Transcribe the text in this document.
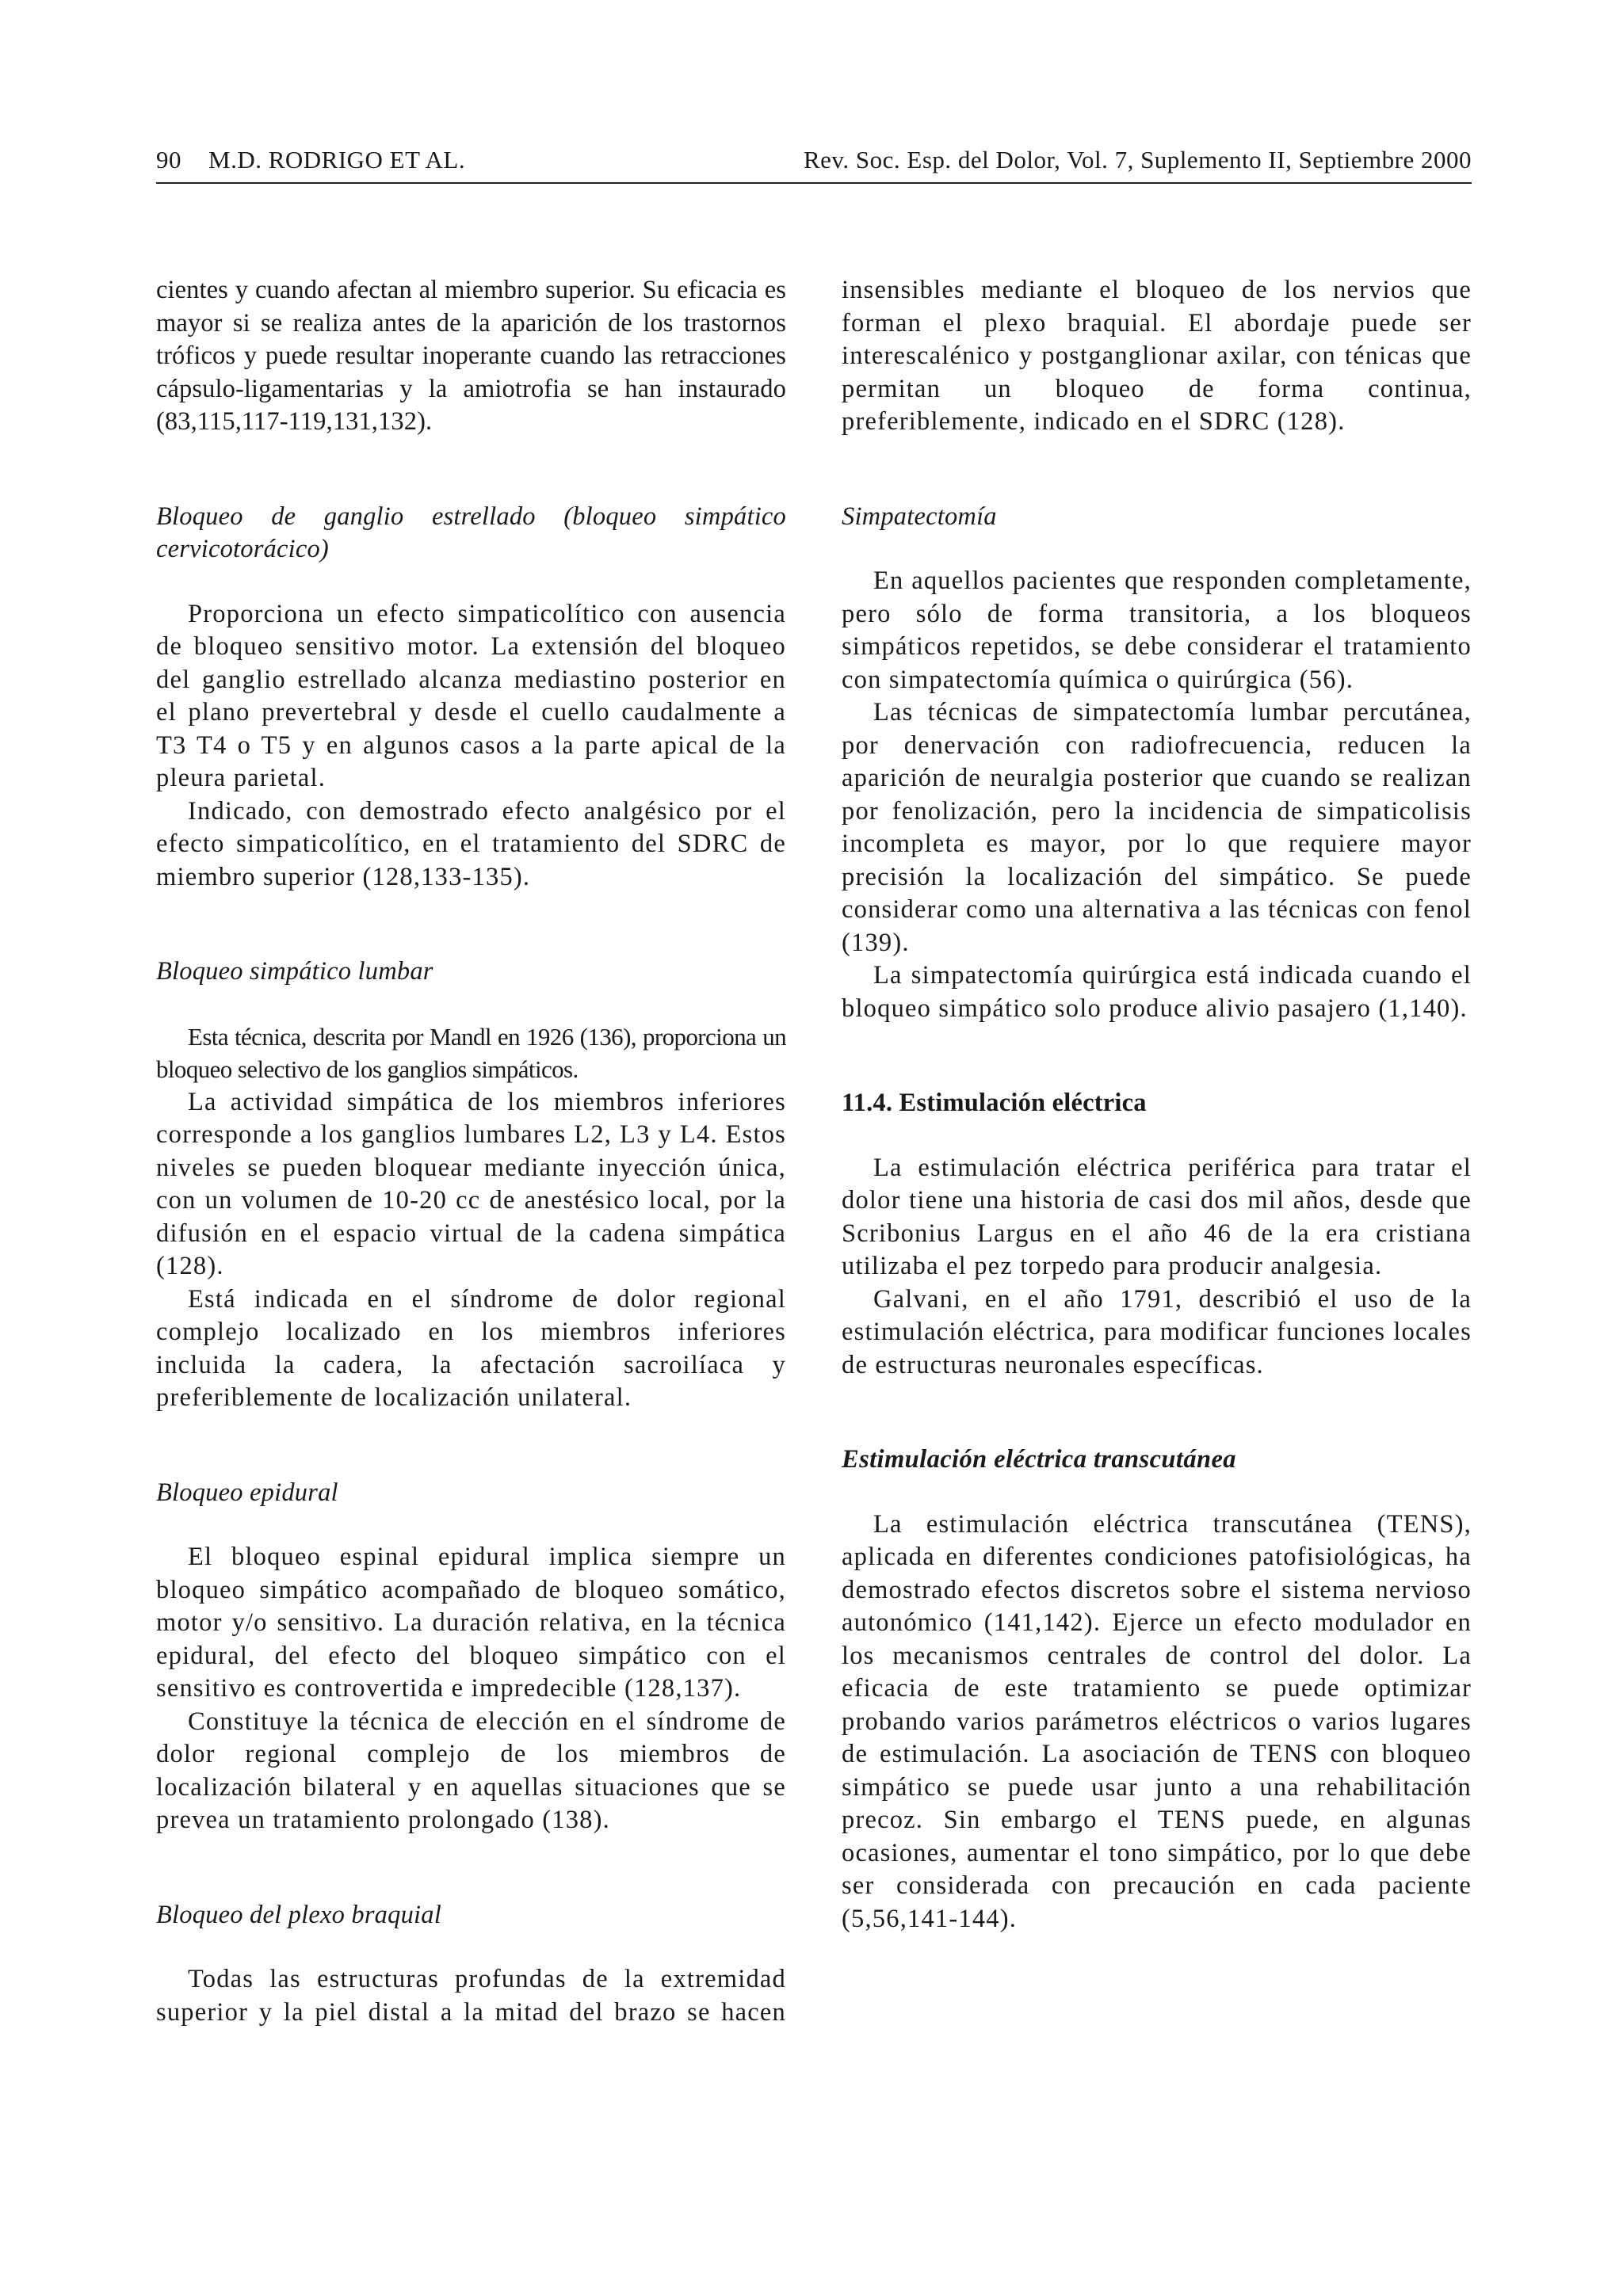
90 M.D. RODRIGO ET AL.	Rev. Soc. Esp. del Dolor, Vol. 7, Suplemento II, Septiembre 2000

cientes y cuando afectan al miembro superior. Su eficacia es mayor si se realiza antes de la aparición de los trastornos tróficos y puede resultar inoperante cuando las retracciones cápsulo-ligamentarias y la amiotrofia se han instaurado (83,115,117-119,131,132).

Bloqueo de ganglio estrellado (bloqueo simpático cervicotorácico)

Proporciona un efecto simpaticolítico con ausencia de bloqueo sensitivo motor. La extensión del bloqueo del ganglio estrellado alcanza mediastino posterior en el plano prevertebral y desde el cuello caudalmente a T3 T4 o T5 y en algunos casos a la parte apical de la pleura parietal.

Indicado, con demostrado efecto analgésico por el efecto simpaticolítico, en el tratamiento del SDRC de miembro superior (128,133-135).

Bloqueo simpático lumbar

Esta técnica, descrita por Mandl en 1926 (136), proporciona un bloqueo selectivo de los ganglios simpáticos.

La actividad simpática de los miembros inferiores corresponde a los ganglios lumbares L2, L3 y L4. Estos niveles se pueden bloquear mediante inyección única, con un volumen de 10-20 cc de anestésico local, por la difusión en el espacio virtual de la cadena simpática (128).

Está indicada en el síndrome de dolor regional complejo localizado en los miembros inferiores incluida la cadera, la afectación sacroilíaca y preferiblemente de localización unilateral.

Bloqueo epidural

El bloqueo espinal epidural implica siempre un bloqueo simpático acompañado de bloqueo somático, motor y/o sensitivo. La duración relativa, en la técnica epidural, del efecto del bloqueo simpático con el sensitivo es controvertida e impredecible (128,137).

Constituye la técnica de elección en el síndrome de dolor regional complejo de los miembros de localización bilateral y en aquellas situaciones que se prevea un tratamiento prolongado (138).

Bloqueo del plexo braquial

Todas las estructuras profundas de la extremidad superior y la piel distal a la mitad del brazo se hacen

insensibles mediante el bloqueo de los nervios que forman el plexo braquial. El abordaje puede ser interescalénico y postganglionar axilar, con ténicas que permitan un bloqueo de forma continua, preferiblemente, indicado en el SDRC (128).

Simpatectomía

En aquellos pacientes que responden completamente, pero sólo de forma transitoria, a los bloqueos simpáticos repetidos, se debe considerar el tratamiento con simpatectomía química o quirúrgica (56).

Las técnicas de simpatectomía lumbar percutánea, por denervación con radiofrecuencia, reducen la aparición de neuralgia posterior que cuando se realizan por fenolización, pero la incidencia de simpaticolisis incompleta es mayor, por lo que requiere mayor precisión la localización del simpático. Se puede considerar como una alternativa a las técnicas con fenol (139).

La simpatectomía quirúrgica está indicada cuando el bloqueo simpático solo produce alivio pasajero (1,140).

11.4. Estimulación eléctrica

La estimulación eléctrica periférica para tratar el dolor tiene una historia de casi dos mil años, desde que Scribonius Largus en el año 46 de la era cristiana utilizaba el pez torpedo para producir analgesia.

Galvani, en el año 1791, describió el uso de la estimulación eléctrica, para modificar funciones locales de estructuras neuronales específicas.

Estimulación eléctrica transcutánea

La estimulación eléctrica transcutánea (TENS), aplicada en diferentes condiciones patofisiológicas, ha demostrado efectos discretos sobre el sistema nervioso autonómico (141,142). Ejerce un efecto modulador en los mecanismos centrales de control del dolor. La eficacia de este tratamiento se puede optimizar probando varios parámetros eléctricos o varios lugares de estimulación. La asociación de TENS con bloqueo simpático se puede usar junto a una rehabilitación precoz. Sin embargo el TENS puede, en algunas ocasiones, aumentar el tono simpático, por lo que debe ser considerada con precaución en cada paciente (5,56,141-144).
